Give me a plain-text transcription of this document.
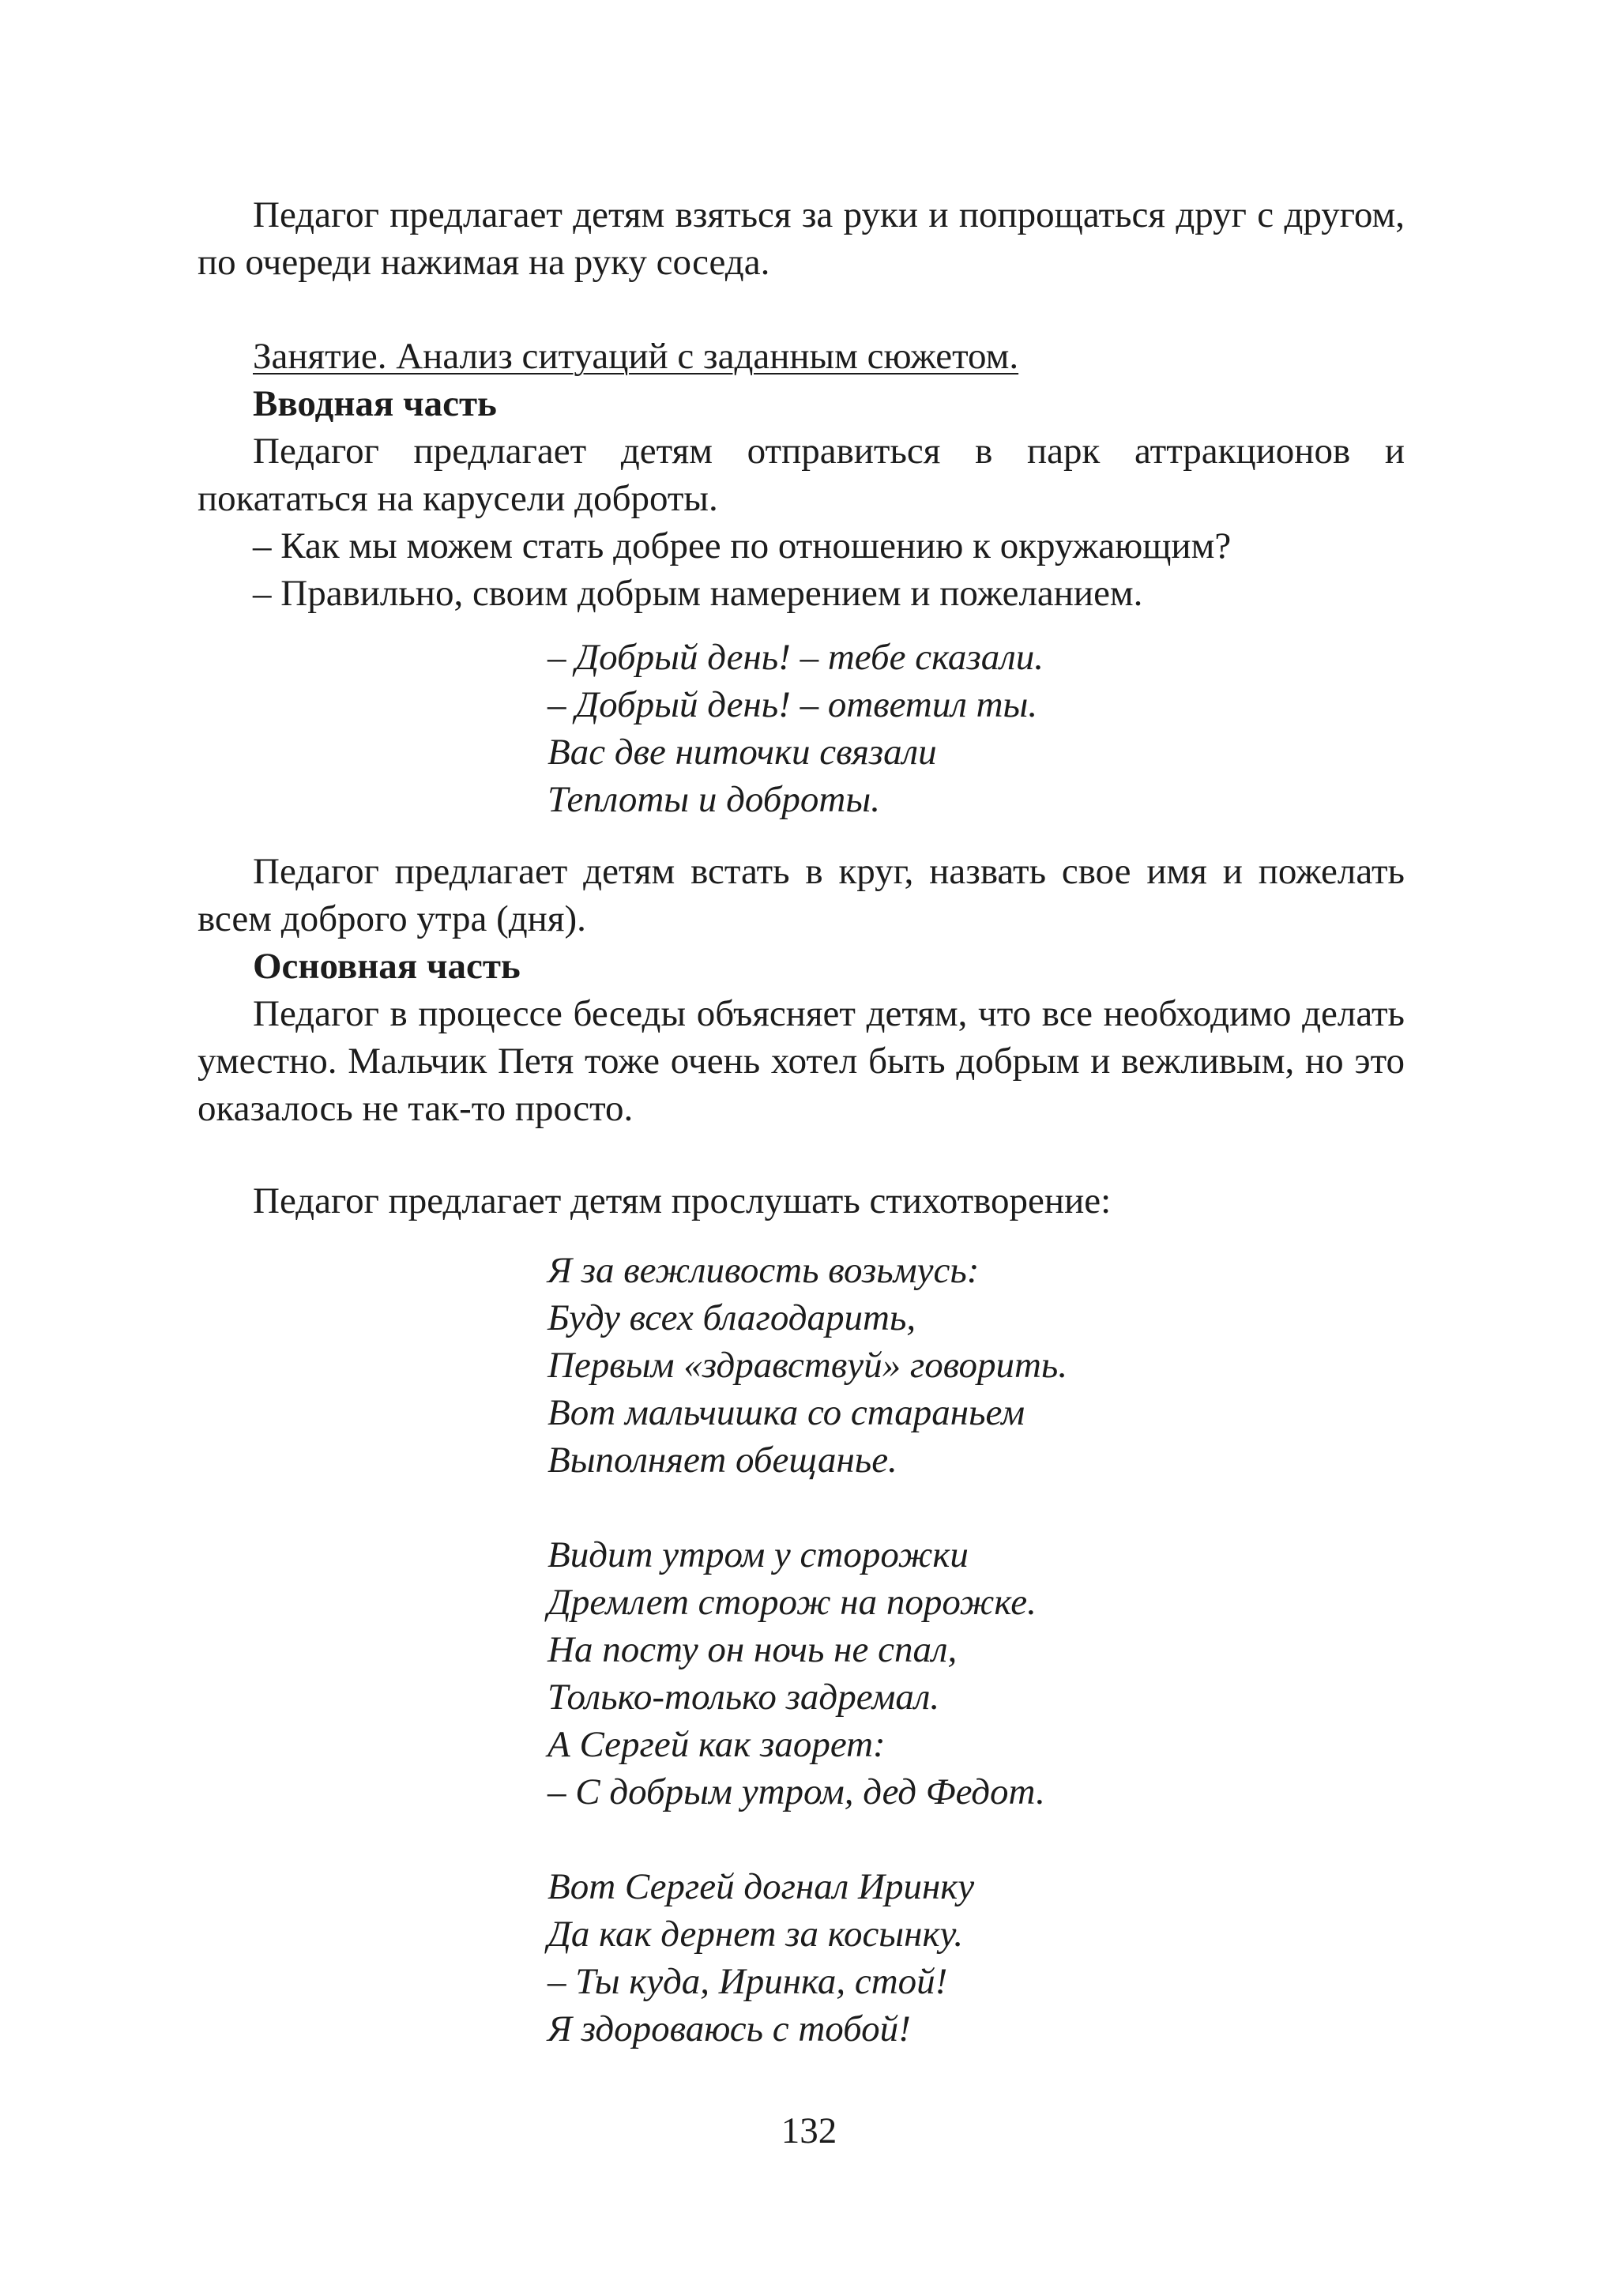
Педагог предлагает детям взяться за руки и попрощаться друг с другом, по очереди нажимая на руку соседа.

Занятие. Анализ ситуаций с заданным сюжетом.

Вводная часть

Педагог предлагает детям отправиться в парк аттракционов и покататься на карусели доброты.

– Как мы можем стать добрее по отношению к окружающим?

– Правильно, своим добрым намерением и пожеланием.

– Добрый день! – тебе сказали.

– Добрый день! – ответил ты.

Вас две ниточки связали

Теплоты и доброты.

Педагог предлагает детям встать в круг, назвать свое имя и пожелать всем доброго утра (дня).

Основная часть

Педагог в процессе беседы объясняет детям, что все необходимо делать уместно. Мальчик Петя тоже очень хотел быть добрым и вежливым, но это оказалось не так-то просто.

Педагог предлагает детям прослушать стихотворение:

Я за вежливость возьмусь:

Буду всех благодарить,

Первым «здравствуй» говорить.

Вот мальчишка со стараньем

Выполняет обещанье.

Видит утром у сторожки

Дремлет сторож на порожке.

На посту он ночь не спал,

Только-только задремал.

А Сергей как заорет:

– С добрым утром, дед Федот.

Вот Сергей догнал Иринку

Да как дернет за косынку.

– Ты куда, Иринка, стой!

Я здороваюсь с тобой!

132
